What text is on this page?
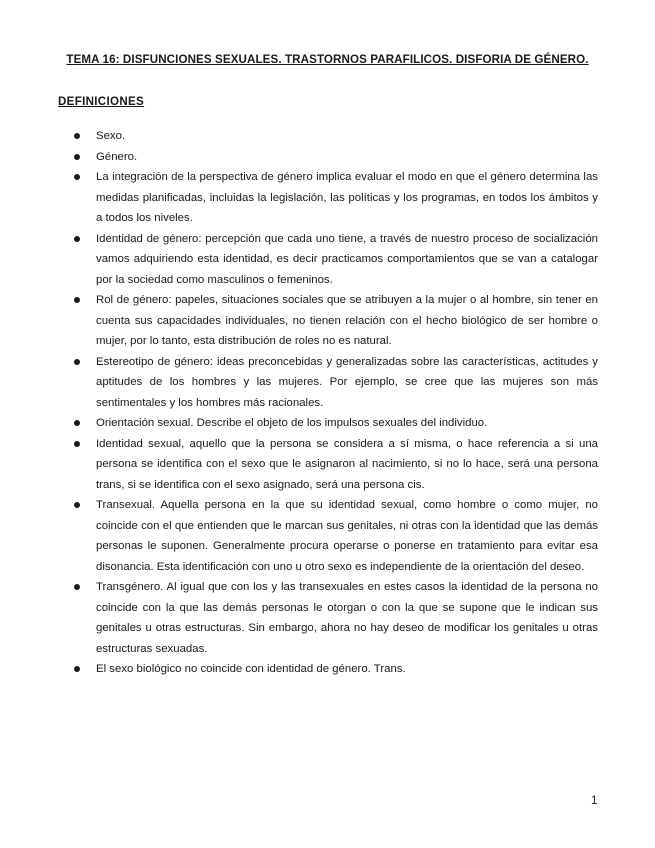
TEMA 16: DISFUNCIONES SEXUALES. TRASTORNOS PARAFILICOS. DISFORIA DE GÉNERO.
DEFINICIONES
Sexo.
Género.
La integración de la perspectiva de género implica evaluar el modo en que el género determina las medidas planificadas, incluidas la legislación, las políticas y los programas, en todos los ámbitos y a todos los niveles.
Identidad de género: percepción que cada uno tiene, a través de nuestro proceso de socialización vamos adquiriendo esta identidad, es decir practicamos comportamientos que se van a catalogar por la sociedad como masculinos o femeninos.
Rol de género: papeles, situaciones sociales que se atribuyen a la mujer o al hombre, sin tener en cuenta sus capacidades individuales, no tienen relación con el hecho biológico de ser hombre o mujer, por lo tanto, esta distribución de roles no es natural.
Estereotipo de género: ideas preconcebidas y generalizadas sobre las características, actitudes y aptitudes de los hombres y las mujeres. Por ejemplo, se cree que las mujeres son más sentimentales y los hombres más racionales.
Orientación sexual. Describe el objeto de los impulsos sexuales del individuo.
Identidad sexual, aquello que la persona se considera a sí misma, o hace referencia a si una persona se identifica con el sexo que le asignaron al nacimiento, si no lo hace, será una persona trans, si se identifica con el sexo asignado, será una persona cis.
Transexual. Aquella persona en la que su identidad sexual, como hombre o como mujer, no coincide con el que entienden que le marcan sus genitales, ni otras con la identidad que las demás personas le suponen. Generalmente procura operarse o ponerse en tratamiento para evitar esa disonancia. Esta identificación con uno u otro sexo es independiente de la orientación del deseo.
Transgénero. Al igual que con los y las transexuales en estes casos la identidad de la persona no coincide con la que las demás personas le otorgan o con la que se supone que le indican sus genitales u otras estructuras. Sin embargo, ahora no hay deseo de modificar los genitales u otras estructuras sexuadas.
El sexo biológico no coincide con identidad de género. Trans.
1
